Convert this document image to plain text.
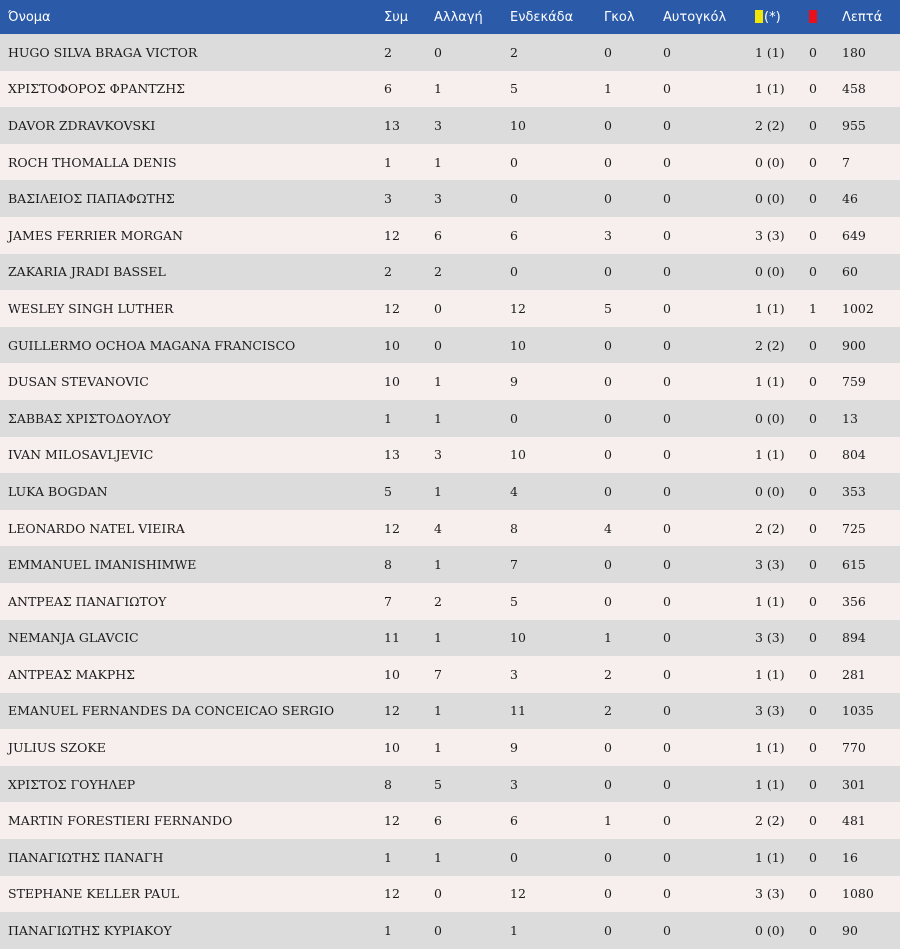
Όνομα	Συμ	Αλλαγή	Ενδεκάδα	Γκολ	Αυτογκόλ	(*)		Λεπτά
HUGO SILVA BRAGA VICTOR	2	0	2	0	0	1 (1)	0	180
ΧΡΙΣΤΟΦΟΡΟΣ ΦΡΑΝΤΖΗΣ	6	1	5	1	0	1 (1)	0	458
DAVOR ZDRAVKOVSKI	13	3	10	0	0	2 (2)	0	955
ROCH THOMALLA DENIS	1	1	0	0	0	0 (0)	0	7
ΒΑΣΙΛΕΙΟΣ ΠΑΠΑΦΩΤΗΣ	3	3	0	0	0	0 (0)	0	46
JAMES FERRIER MORGAN	12	6	6	3	0	3 (3)	0	649
ZAKARIA JRADI BASSEL	2	2	0	0	0	0 (0)	0	60
WESLEY SINGH LUTHER	12	0	12	5	0	1 (1)	1	1002
GUILLERMO OCHOA MAGANA FRANCISCO	10	0	10	0	0	2 (2)	0	900
DUSAN STEVANOVIC	10	1	9	0	0	1 (1)	0	759
ΣΑΒΒΑΣ ΧΡΙΣΤΟΔΟΥΛΟΥ	1	1	0	0	0	0 (0)	0	13
IVAN MILOSAVLJEVIC	13	3	10	0	0	1 (1)	0	804
LUKA BOGDAN	5	1	4	0	0	0 (0)	0	353
LEONARDO NATEL VIEIRA	12	4	8	4	0	2 (2)	0	725
EMMANUEL IMANISHIMWE	8	1	7	0	0	3 (3)	0	615
ΑΝΤΡΕΑΣ ΠΑΝΑΓΙΩΤΟΥ	7	2	5	0	0	1 (1)	0	356
NEMANJA GLAVCIC	11	1	10	1	0	3 (3)	0	894
ΑΝΤΡΕΑΣ ΜΑΚΡΗΣ	10	7	3	2	0	1 (1)	0	281
EMANUEL FERNANDES DA CONCEICAO SERGIO	12	1	11	2	0	3 (3)	0	1035
JULIUS SZOKE	10	1	9	0	0	1 (1)	0	770
ΧΡΙΣΤΟΣ ΓΟΥΗΛΕΡ	8	5	3	0	0	1 (1)	0	301
MARTIN FORESTIERI FERNANDO	12	6	6	1	0	2 (2)	0	481
ΠΑΝΑΓΙΩΤΗΣ ΠΑΝΑΓΗ	1	1	0	0	0	1 (1)	0	16
STEPHANE KELLER PAUL	12	0	12	0	0	3 (3)	0	1080
ΠΑΝΑΓΙΩΤΗΣ ΚΥΡΙΑΚΟΥ	1	0	1	0	0	0 (0)	0	90
